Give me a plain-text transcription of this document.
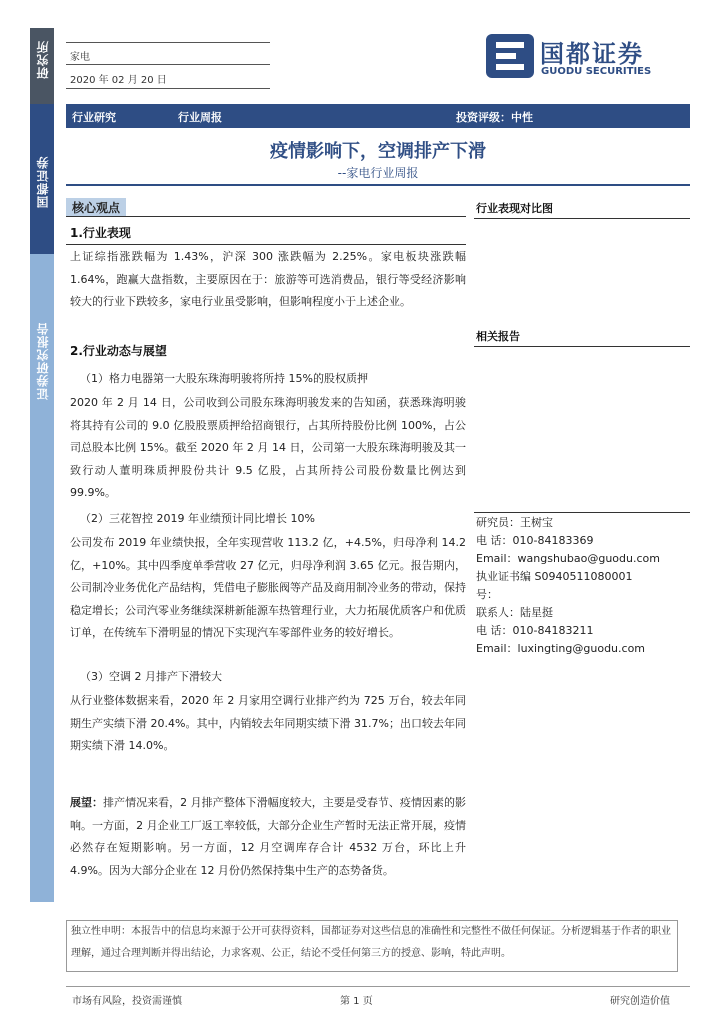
研究所
国都证券
证券研究报告
家电
2020 年 02 月 20 日
国都证券
GUODU SECURITIES
行业研究	行业周报	投资评级：中性
疫情影响下，空调排产下滑
--家电行业周报
核心观点
1.行业表现
上证综指涨跌幅为 1.43%，沪深 300 涨跌幅为 2.25%。家电板块涨跌幅 1.64%，跑赢大盘指数，主要原因在于：旅游等可选消费品，银行等受经济影响较大的行业下跌较多，家电行业虽受影响，但影响程度小于上述企业。
2.行业动态与展望
（1）格力电器第一大股东珠海明骏将所持 15%的股权质押
2020 年 2 月 14 日，公司收到公司股东珠海明骏发来的告知函，获悉珠海明骏将其持有公司的 9.0 亿股股票质押给招商银行，占其所持股份比例 100%，占公司总股本比例 15%。截至 2020 年 2 月 14 日，公司第一大股东珠海明骏及其一致行动人董明珠质押股份共计 9.5 亿股，占其所持公司股份数量比例达到 99.9%。
（2）三花智控 2019 年业绩预计同比增长 10%
公司发布 2019 年业绩快报，全年实现营收 113.2 亿，+4.5%，归母净利 14.2 亿，+10%。其中四季度单季营收 27 亿元，归母净利润 3.65 亿元。报告期内，公司制冷业务优化产品结构，凭借电子膨胀阀等产品及商用制冷业务的带动，保持稳定增长；公司汽零业务继续深耕新能源车热管理行业，大力拓展优质客户和优质订单，在传统车下滑明显的情况下实现汽车零部件业务的较好增长。
（3）空调 2 月排产下滑较大
从行业整体数据来看，2020 年 2 月家用空调行业排产约为 725 万台，较去年同期生产实绩下滑 20.4%。其中，内销较去年同期实绩下滑 31.7%；出口较去年同期实绩下滑 14.0%。
展望：排产情况来看，2 月排产整体下滑幅度较大，主要是受春节、疫情因素的影响。一方面，2 月企业工厂返工率较低，大部分企业生产暂时无法正常开展，疫情必然存在短期影响。另一方面，12 月空调库存合计 4532 万台，环比上升 4.9%。因为大部分企业在 12 月份仍然保持集中生产的态势备货。
行业表现对比图
相关报告
研究员：王树宝
电 话：010-84183369
Email：wangshubao@guodu.com
执业证书编 S0940511080001
号：
联系人：陆星挺
电 话：010-84183211
Email：luxingting@guodu.com
独立性申明：本报告中的信息均来源于公开可获得资料，国都证券对这些信息的准确性和完整性不做任何保证。分析逻辑基于作者的职业理解，通过合理判断并得出结论，力求客观、公正，结论不受任何第三方的授意、影响，特此声明。
市场有风险，投资需谨慎	第 1 页	研究创造价值
